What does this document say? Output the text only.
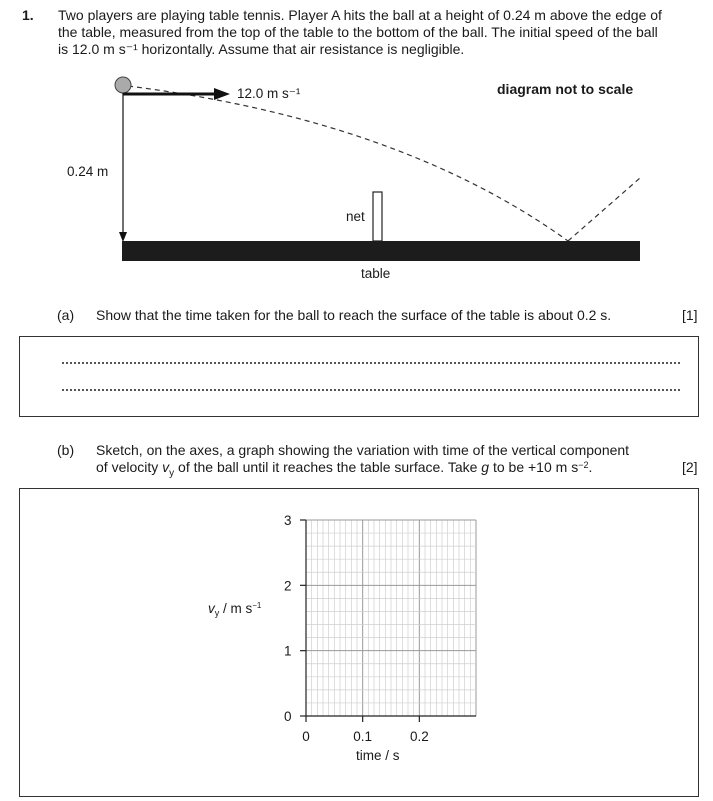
1. Two players are playing table tennis. Player A hits the ball at a height of 0.24 m above the edge of the table, measured from the top of the table to the bottom of the ball. The initial speed of the ball is 12.0 m s⁻¹ horizontally. Assume that air resistance is negligible.
12.0 m s⁻¹	diagram not to scale
0.24 m
net
table
(a) Show that the time taken for the ball to reach the surface of the table is about 0.2 s.	[1]
(b) Sketch, on the axes, a graph showing the variation with time of the vertical component
of velocity $v_y$ of the ball until it reaches the table surface. Take g to be +10 m $s^{-2}$.	[2]
0
1
2
3
0	0.1	0.2
$v_y$ / m $s^{-1}$
time / s
